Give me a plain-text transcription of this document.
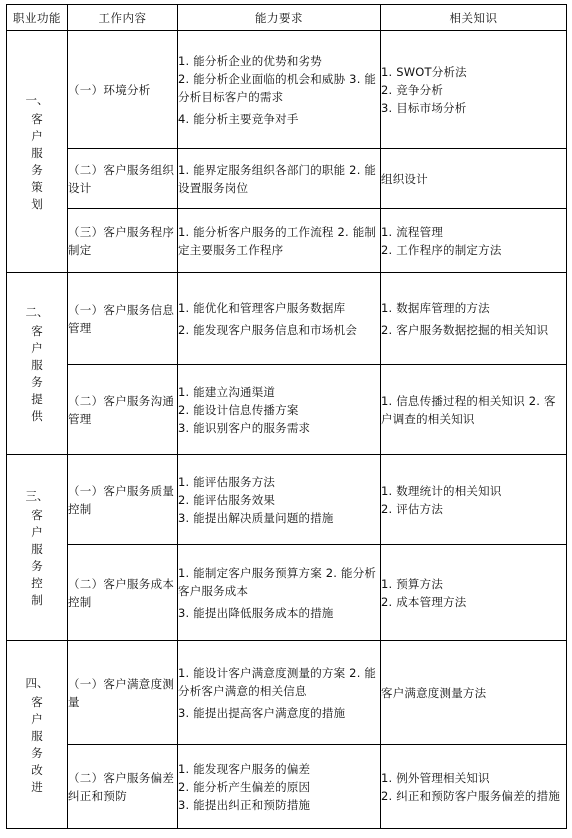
职业功能	工作内容	能力要求	相关知识

一、
客户服务策划	（一）环境分析	1. 能分析企业的优势和劣势
2. 能分析企业面临的机会和威胁 3. 能分析目标客户的需求
4. 能分析主要竞争对手	1. SWOT分析法
2. 竞争分析
3. 目标市场分析

	（二）客户服务组织设计	1. 能界定服务组织各部门的职能 2. 能设置服务岗位	组织设计

	（三）客户服务程序制定	1. 能分析客户服务的工作流程 2. 能制定主要服务工作程序	1. 流程管理
2. 工作程序的制定方法

二、
客户服务提供	（一）客户服务信息管理	1. 能优化和管理客户服务数据库
2. 能发现客户服务信息和市场机会	1. 数据库管理的方法
2. 客户服务数据挖掘的相关知识

	（二）客户服务沟通管理	1. 能建立沟通渠道
2. 能设计信息传播方案
3. 能识别客户的服务需求	1. 信息传播过程的相关知识 2. 客户调查的相关知识

三、
客户服务控制	（一）客户服务质量控制	1. 能评估服务方法
2. 能评估服务效果
3. 能提出解决质量问题的措施	1. 数理统计的相关知识
2. 评估方法

	（二）客户服务成本控制	1. 能制定客户服务预算方案 2. 能分析客户服务成本
3. 能提出降低服务成本的措施	1. 预算方法
2. 成本管理方法

四、
客户服务改进	（一）客户满意度测量	1. 能设计客户满意度测量的方案 2. 能分析客户满意的相关信息
3. 能提出提高客户满意度的措施	客户满意度测量方法

	（二）客户服务偏差纠正和预防	1. 能发现客户服务的偏差
2. 能分析产生偏差的原因
3. 能提出纠正和预防措施	1. 例外管理相关知识
2. 纠正和预防客户服务偏差的措施
